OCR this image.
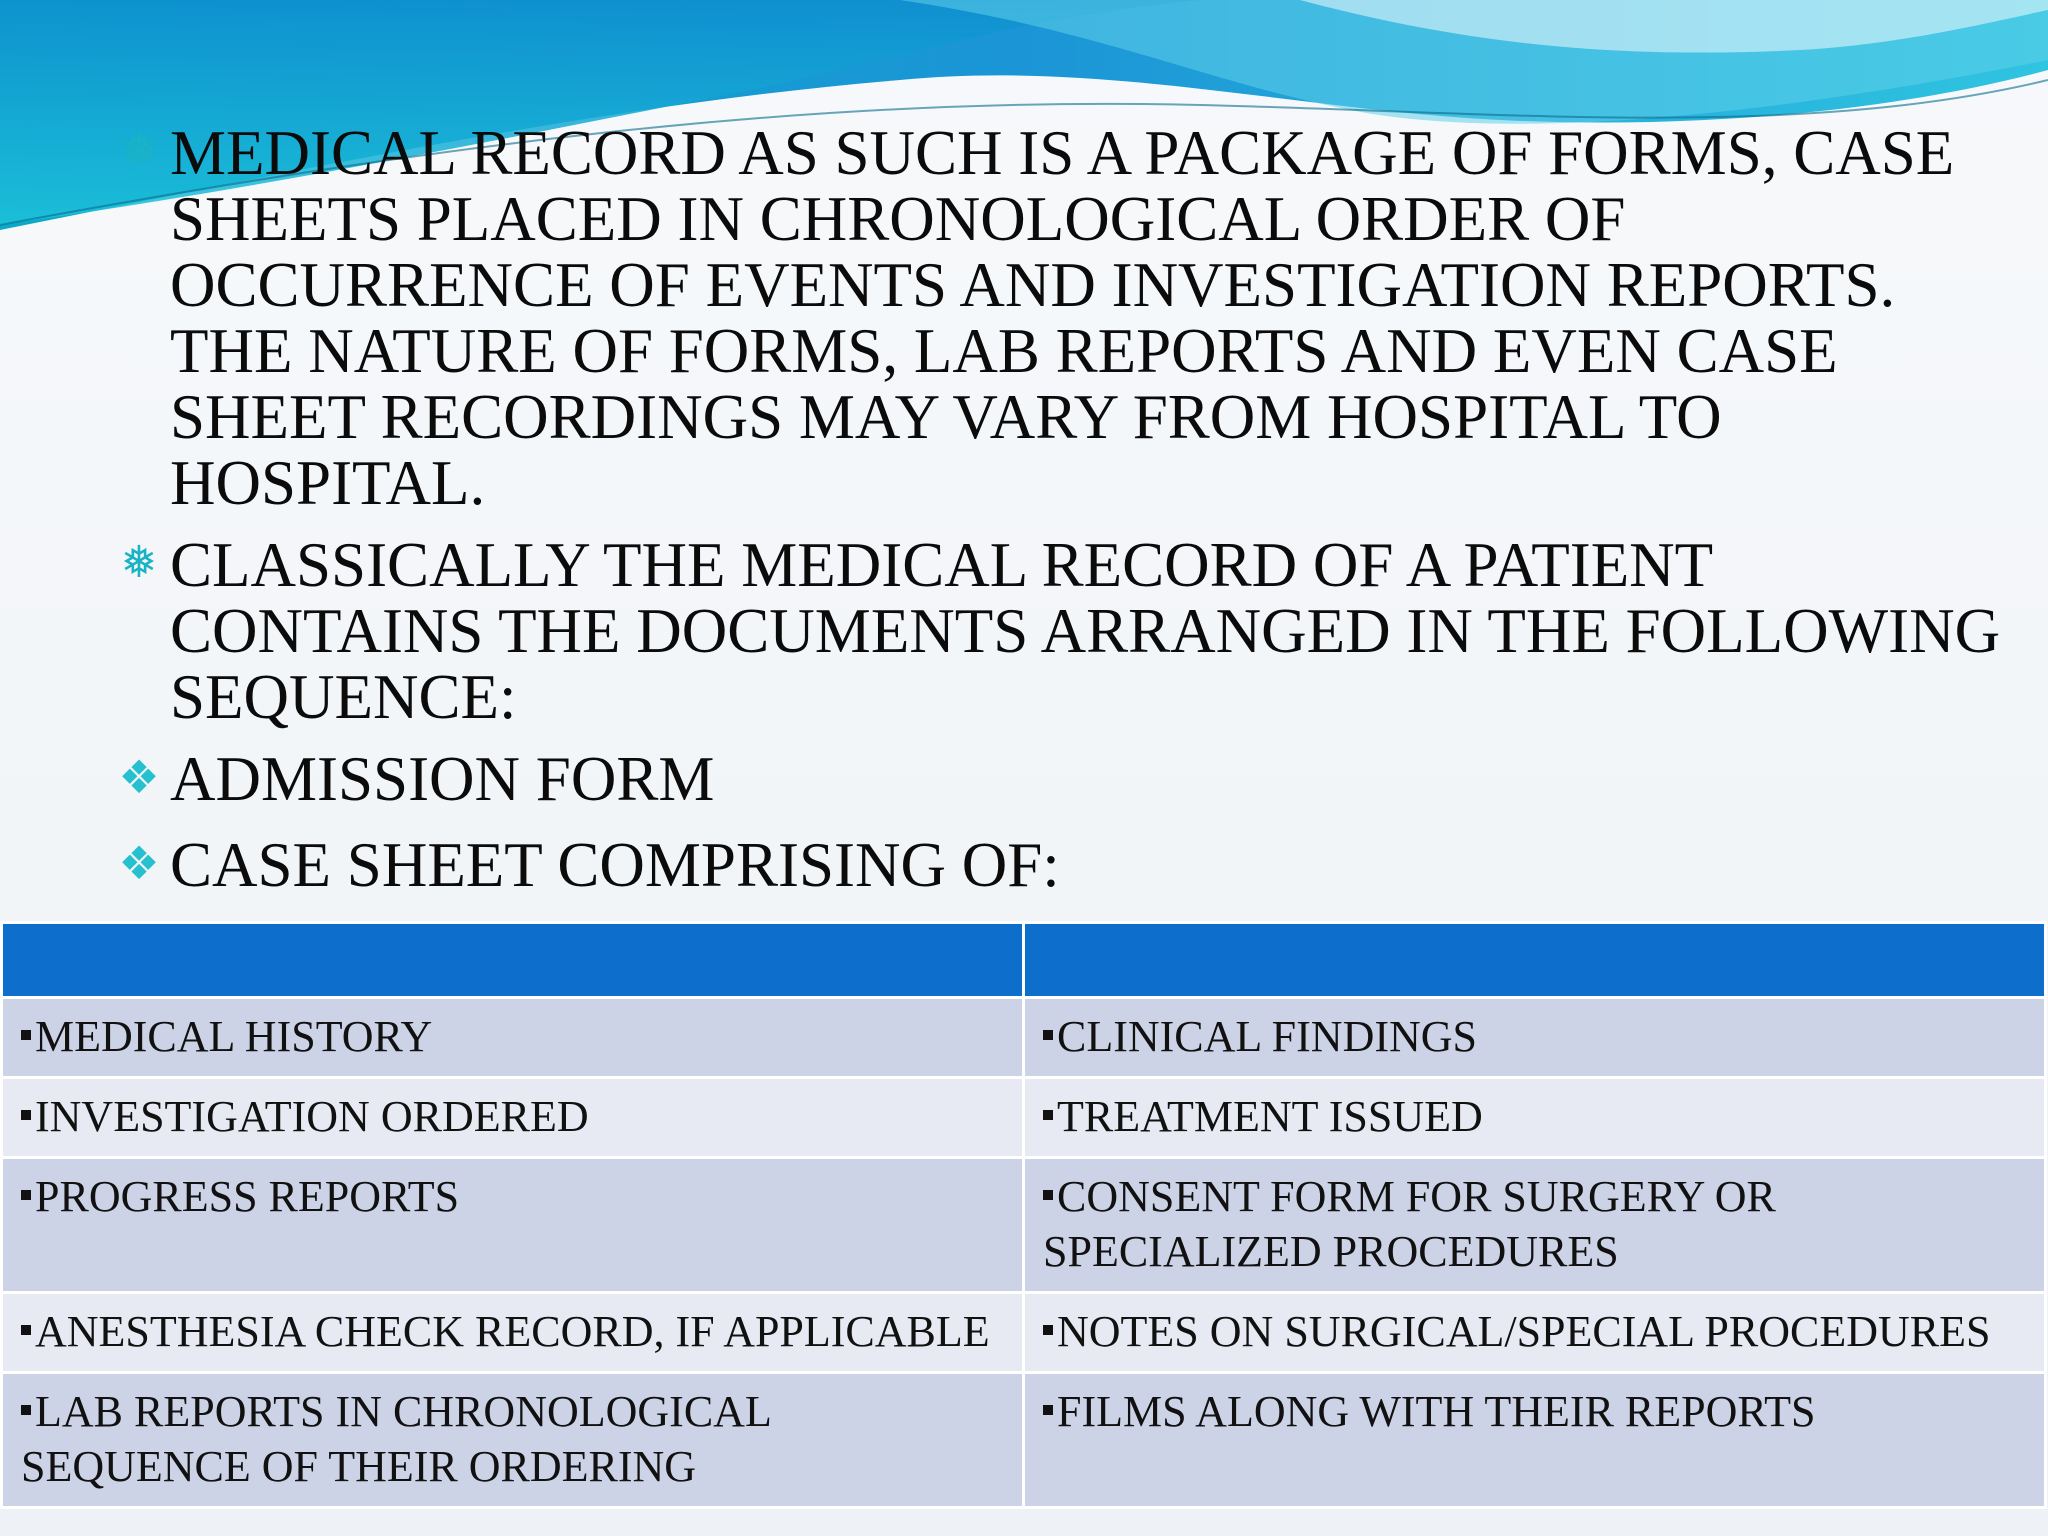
❅ MEDICAL RECORD AS SUCH IS A PACKAGE OF FORMS, CASE SHEETS PLACED IN CHRONOLOGICAL ORDER OF OCCURRENCE OF EVENTS AND INVESTIGATION REPORTS. THE NATURE OF FORMS, LAB REPORTS AND EVEN CASE SHEET RECORDINGS MAY VARY FROM HOSPITAL TO HOSPITAL.
❅ CLASSICALLY THE MEDICAL RECORD OF A PATIENT CONTAINS THE DOCUMENTS ARRANGED IN THE FOLLOWING SEQUENCE:
❖ ADMISSION FORM
❖ CASE SHEET COMPRISING OF:

MEDICAL HISTORY	CLINICAL FINDINGS
INVESTIGATION ORDERED	TREATMENT ISSUED
PROGRESS REPORTS	CONSENT FORM FOR SURGERY OR SPECIALIZED PROCEDURES
ANESTHESIA CHECK RECORD, IF APPLICABLE	NOTES ON SURGICAL/SPECIAL PROCEDURES
LAB REPORTS IN CHRONOLOGICAL SEQUENCE OF THEIR ORDERING	FILMS ALONG WITH THEIR REPORTS
